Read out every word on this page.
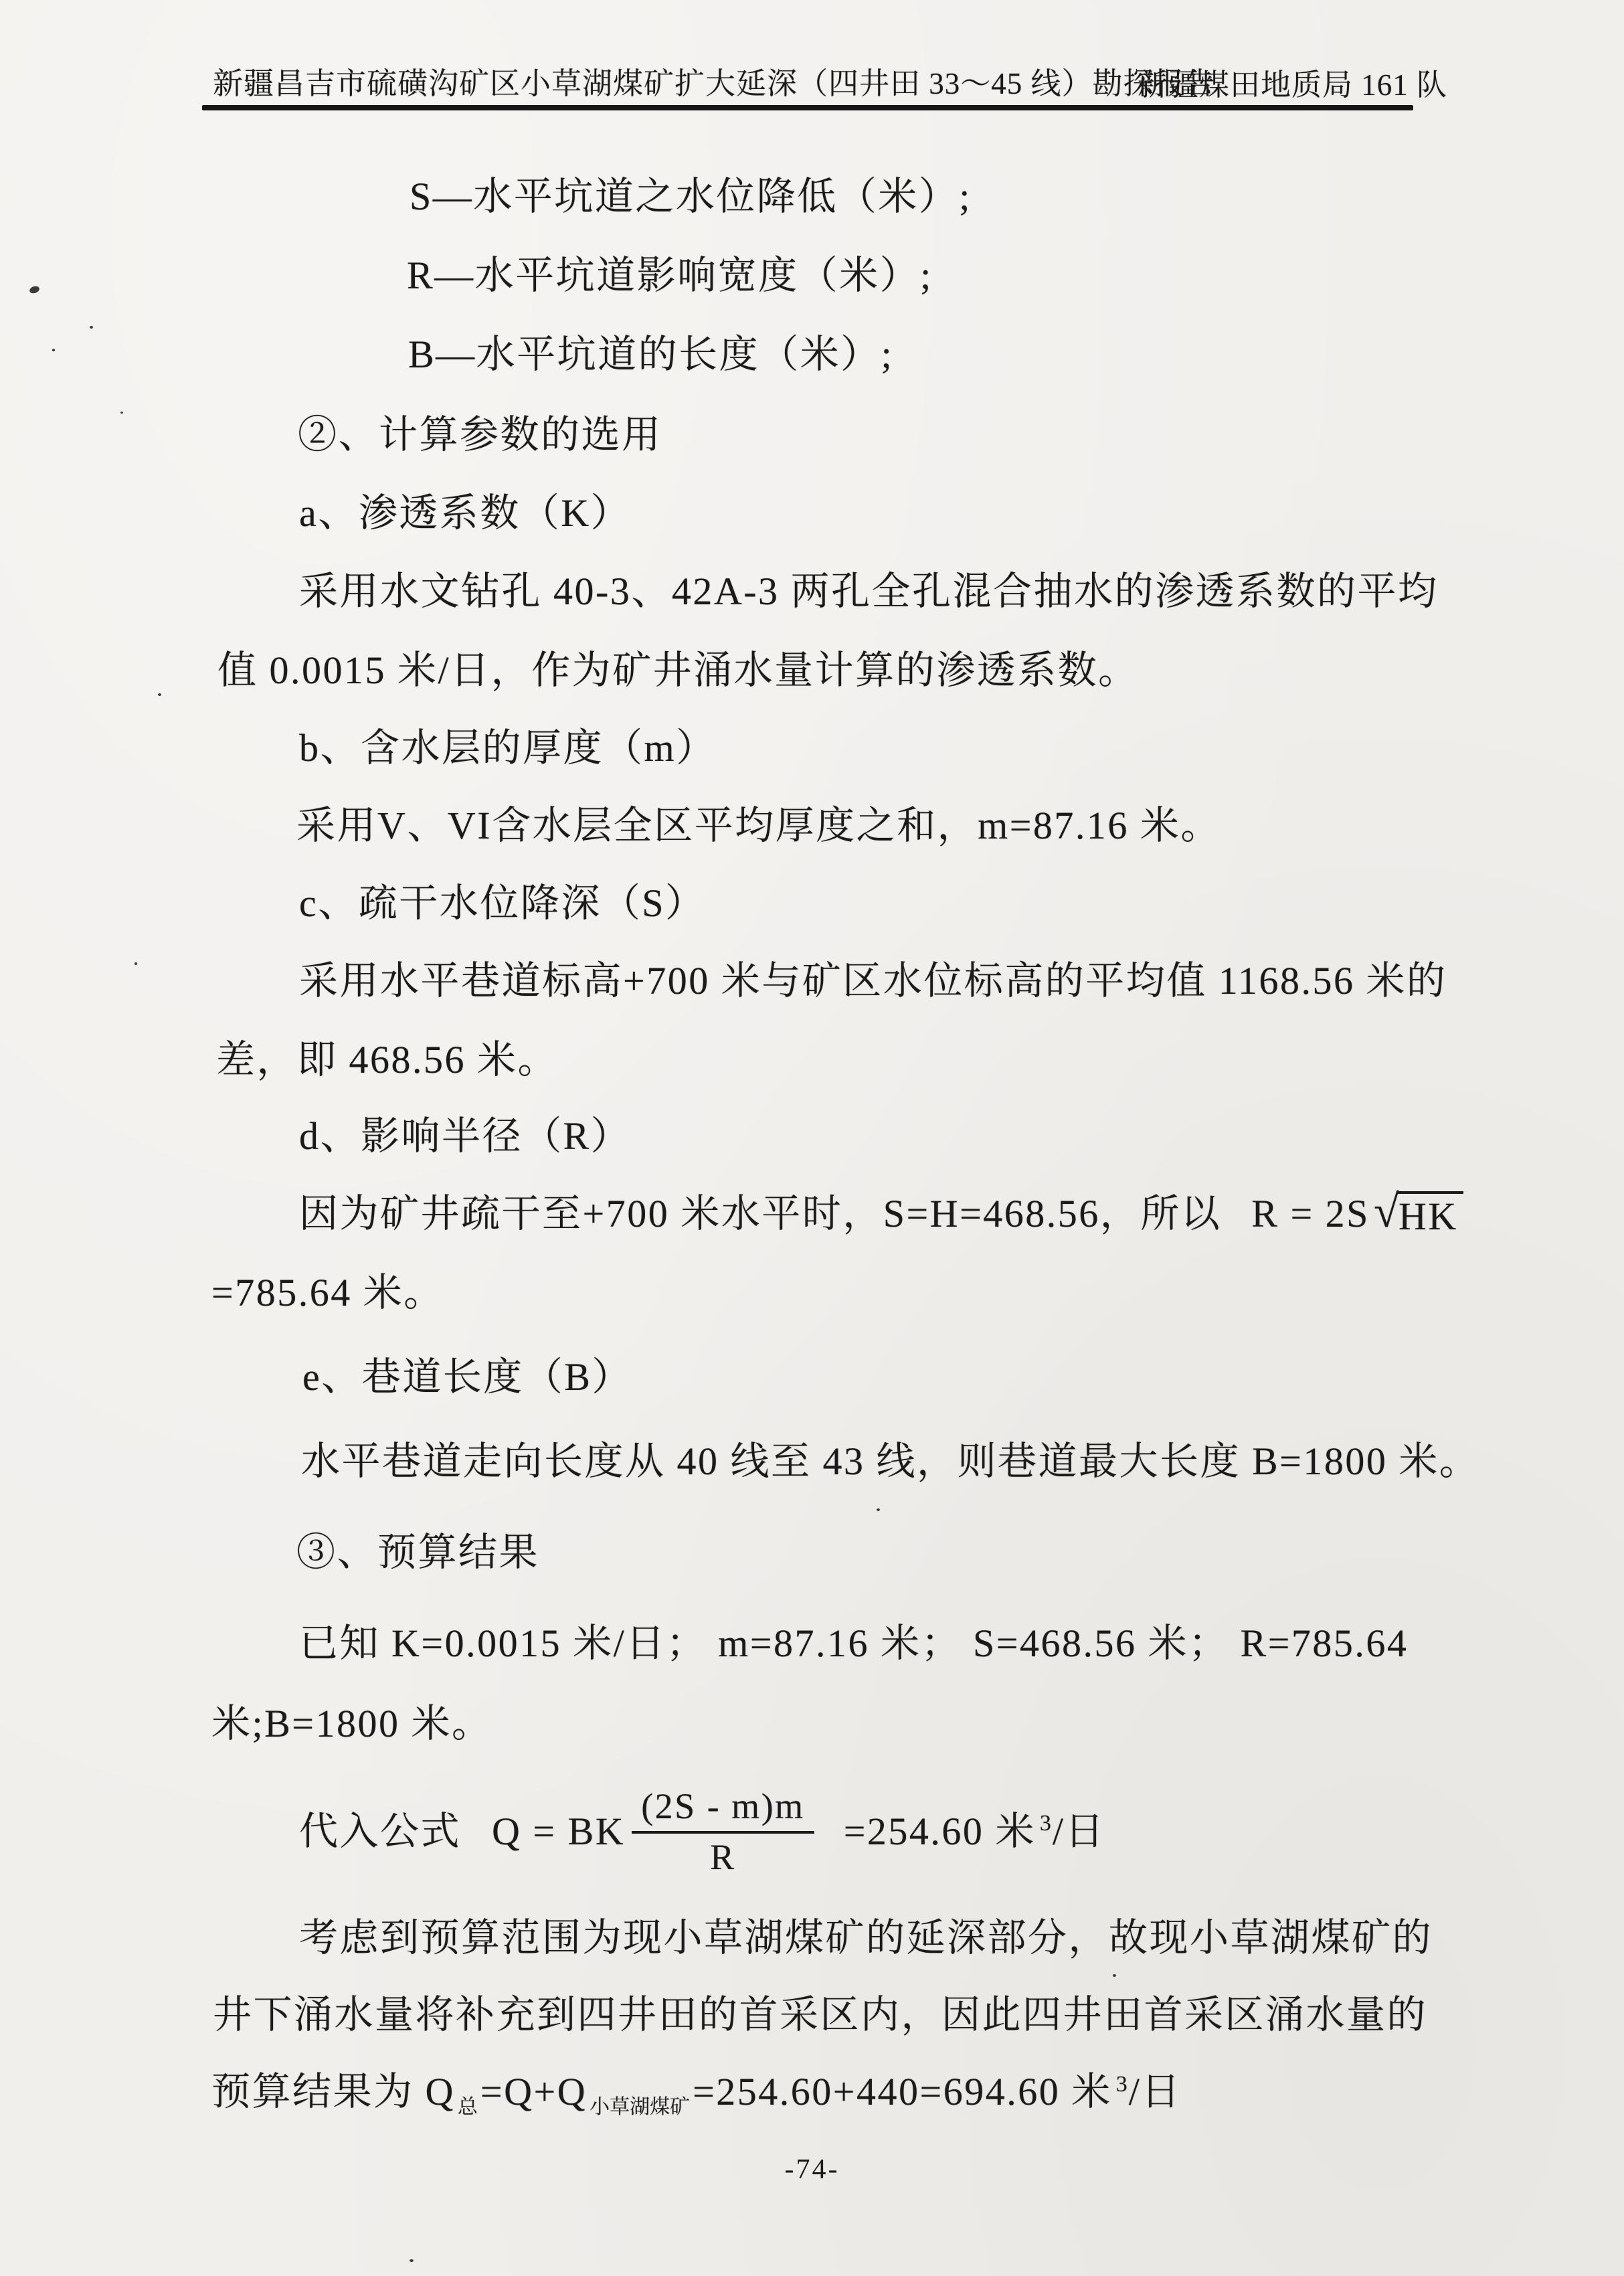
新疆昌吉市硫磺沟矿区小草湖煤矿扩大延深（四井田 33～45 线）勘探报告
新疆煤田地质局 161 队
S—水平坑道之水位降低（米）;
R—水平坑道影响宽度（米）;
B—水平坑道的长度（米）;
②、计算参数的选用
a、渗透系数（K）
采用水文钻孔 40-3、42A-3 两孔全孔混合抽水的渗透系数的平均
值 0.0015 米/日，作为矿井涌水量计算的渗透系数。
b、含水层的厚度（m）
采用V、VI含水层全区平均厚度之和，m=87.16 米。
c、疏干水位降深（S）
采用水平巷道标高+700 米与矿区水位标高的平均值 1168.56 米的
差，即 468.56 米。
d、影响半径（R）
因为矿井疏干至+700 米水平时，S=H=468.56，所以 R = 2S √
HK
=785.64 米。
e、巷道长度（B）
水平巷道走向长度从 40 线至 43 线，则巷道最大长度 B=1800 米。
③、预算结果
已知 K=0.0015 米/日； m=87.16 米； S=468.56 米； R=785.64
米;B=1800 米。
代入公式 Q = BK $\frac{(2S - m)m}{R} =254.60$ 米 $^3$/日
考虑到预算范围为现小草湖煤矿的延深部分，故现小草湖煤矿的
井下涌水量将补充到四井田的首采区内，因此四井田首采区涌水量的
预算结果为 Q $_总$=Q+Q $_{小草湖煤矿}$=254.60+440=694.60 米 $^3$/日
-74-
